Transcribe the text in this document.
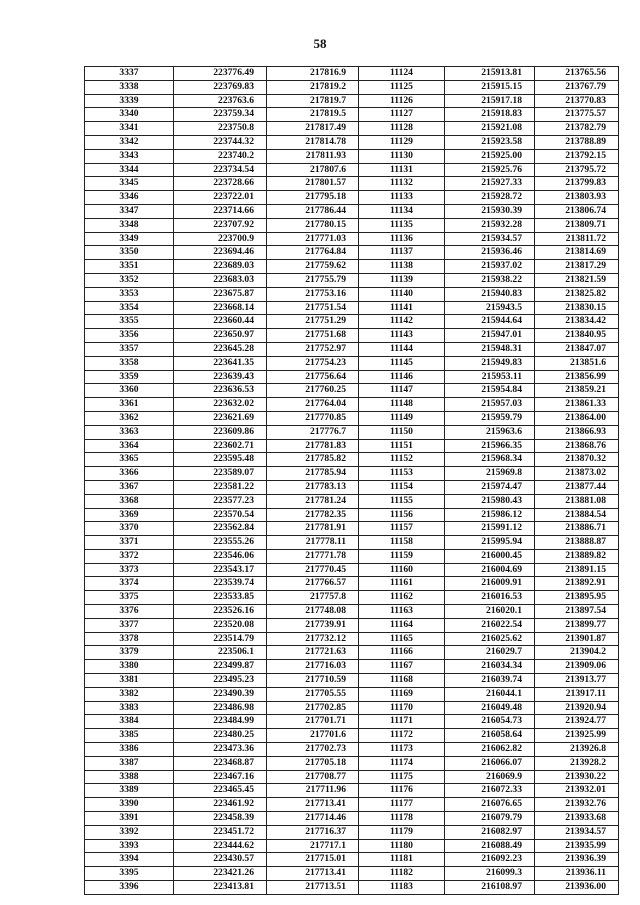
58
3337	223776.49	217816.9	11124	215913.81	213765.56
3338	223769.83	217819.2	11125	215915.15	213767.79
3339	223763.6	217819.7	11126	215917.18	213770.83
3340	223759.34	217819.5	11127	215918.83	213775.57
3341	223750.8	217817.49	11128	215921.08	213782.79
3342	223744.32	217814.78	11129	215923.58	213788.89
3343	223740.2	217811.93	11130	215925.00	213792.15
3344	223734.54	217807.6	11131	215925.76	213795.72
3345	223728.66	217801.57	11132	215927.33	213799.83
3346	223722.01	217795.18	11133	215928.72	213803.93
3347	223714.66	217786.44	11134	215930.39	213806.74
3348	223707.92	217780.15	11135	215932.28	213809.71
3349	223700.9	217771.03	11136	215934.57	213811.72
3350	223694.46	217764.84	11137	215936.46	213814.69
3351	223689.03	217759.62	11138	215937.02	213817.29
3352	223683.03	217755.79	11139	215938.22	213821.59
3353	223675.87	217753.16	11140	215940.83	213825.82
3354	223668.14	217751.54	11141	215943.5	213830.15
3355	223660.44	217751.29	11142	215944.64	213834.42
3356	223650.97	217751.68	11143	215947.01	213840.95
3357	223645.28	217752.97	11144	215948.31	213847.07
3358	223641.35	217754.23	11145	215949.83	213851.6
3359	223639.43	217756.64	11146	215953.11	213856.99
3360	223636.53	217760.25	11147	215954.84	213859.21
3361	223632.02	217764.04	11148	215957.03	213861.33
3362	223621.69	217770.85	11149	215959.79	213864.00
3363	223609.86	217776.7	11150	215963.6	213866.93
3364	223602.71	217781.83	11151	215966.35	213868.76
3365	223595.48	217785.82	11152	215968.34	213870.32
3366	223589.07	217785.94	11153	215969.8	213873.02
3367	223581.22	217783.13	11154	215974.47	213877.44
3368	223577.23	217781.24	11155	215980.43	213881.08
3369	223570.54	217782.35	11156	215986.12	213884.54
3370	223562.84	217781.91	11157	215991.12	213886.71
3371	223555.26	217778.11	11158	215995.94	213888.87
3372	223546.06	217771.78	11159	216000.45	213889.82
3373	223543.17	217770.45	11160	216004.69	213891.15
3374	223539.74	217766.57	11161	216009.91	213892.91
3375	223533.85	217757.8	11162	216016.53	213895.95
3376	223526.16	217748.08	11163	216020.1	213897.54
3377	223520.08	217739.91	11164	216022.54	213899.77
3378	223514.79	217732.12	11165	216025.62	213901.87
3379	223506.1	217721.63	11166	216029.7	213904.2
3380	223499.87	217716.03	11167	216034.34	213909.06
3381	223495.23	217710.59	11168	216039.74	213913.77
3382	223490.39	217705.55	11169	216044.1	213917.11
3383	223486.98	217702.85	11170	216049.48	213920.94
3384	223484.99	217701.71	11171	216054.73	213924.77
3385	223480.25	217701.6	11172	216058.64	213925.99
3386	223473.36	217702.73	11173	216062.82	213926.8
3387	223468.87	217705.18	11174	216066.07	213928.2
3388	223467.16	217708.77	11175	216069.9	213930.22
3389	223465.45	217711.96	11176	216072.33	213932.01
3390	223461.92	217713.41	11177	216076.65	213932.76
3391	223458.39	217714.46	11178	216079.79	213933.68
3392	223451.72	217716.37	11179	216082.97	213934.57
3393	223444.62	217717.1	11180	216088.49	213935.99
3394	223430.57	217715.01	11181	216092.23	213936.39
3395	223421.26	217713.41	11182	216099.3	213936.11
3396	223413.81	217713.51	11183	216108.97	213936.00
